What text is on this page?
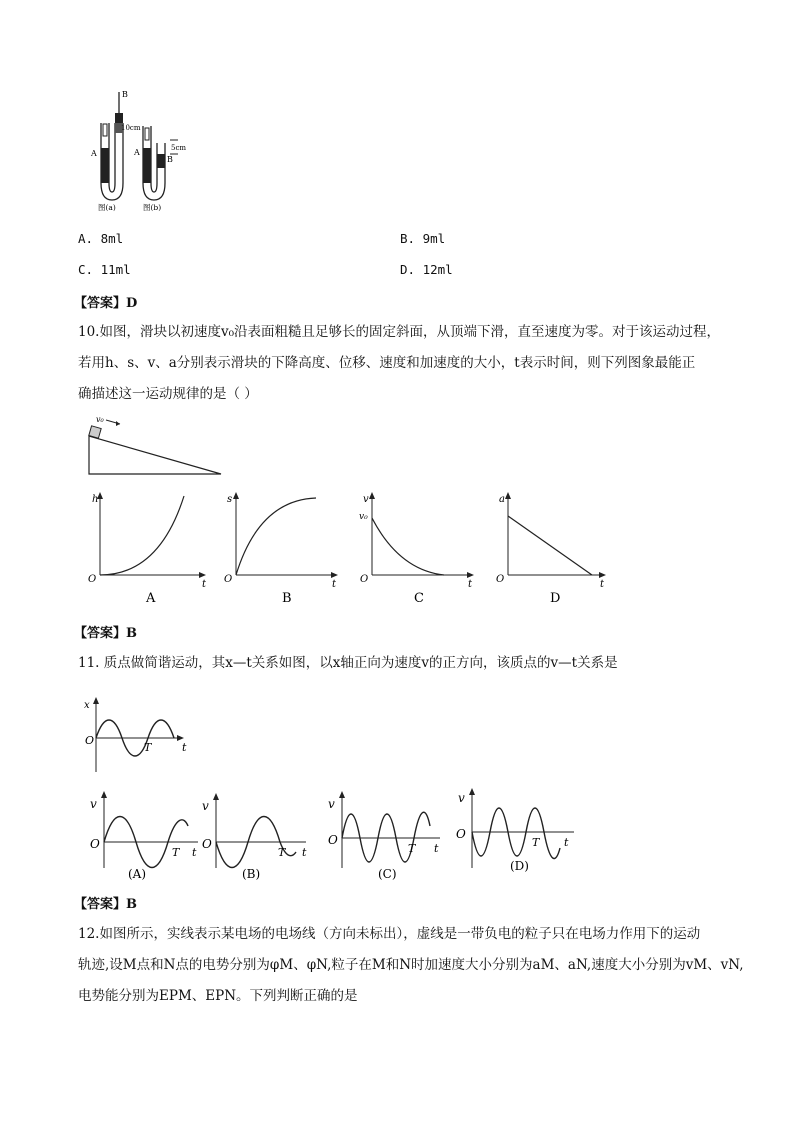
B
A
10cm
图(a)
A
B
5cm
图(b)
A. 8ml	B. 9ml
C. 11ml	D. 12ml
【答案】D
10.如图，滑块以初速度v₀沿表面粗糙且足够长的固定斜面，从顶端下滑，直至速度为零。对于该运动过程，
若用h、s、v、a分别表示滑块的下降高度、位移、速度和加速度的大小，t表示时间，则下列图象最能正
确描述这一运动规律的是（ ）
v₀
h
O	t
A
s
O	t
B
v
v₀
O	t
C
a
O	t
D
【答案】B
11. 质点做简谐运动，其x—t关系如图，以x轴正向为速度v的正方向，该质点的v—t关系是
x
O
T	t
v
O
T t
(A)
v
O
T t
(B)
v
O
T t
(C)
v
O
T t
(D)
【答案】B
12.如图所示，实线表示某电场的电场线（方向未标出），虚线是一带负电的粒子只在电场力作用下的运动
轨迹,设M点和N点的电势分别为φM、φN,粒子在M和N时加速度大小分别为aM、aN,速度大小分别为vM、vN,
电势能分别为EPM、EPN。下列判断正确的是
